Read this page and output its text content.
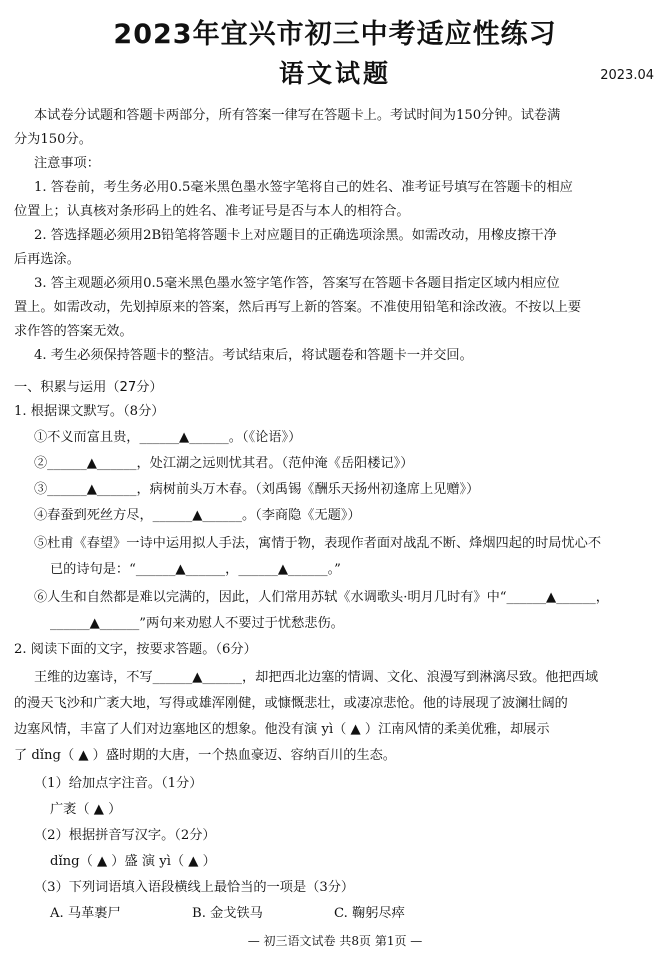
2023年宜兴市初三中考适应性练习
语文试题	2023.04
本试卷分试题和答题卡两部分，所有答案一律写在答题卡上。考试时间为150分钟。试卷满
分为150分。
注意事项：
1. 答卷前，考生务必用0.5毫米黑色墨水签字笔将自己的姓名、准考证号填写在答题卡的相应
位置上；认真核对条形码上的姓名、准考证号是否与本人的相符合。
2. 答选择题必须用2B铅笔将答题卡上对应题目的正确选项涂黑。如需改动，用橡皮擦干净
后再选涂。
3. 答主观题必须用0.5毫米黑色墨水签字笔作答，答案写在答题卡各题目指定区域内相应位
置上。如需改动，先划掉原来的答案，然后再写上新的答案。不准使用铅笔和涂改液。不按以上要
求作答的答案无效。
4. 考生必须保持答题卡的整洁。考试结束后，将试题卷和答题卡一并交回。
一、积累与运用（27分）
1. 根据课文默写。（8分）
①不义而富且贵，______▲______。（《论语》）
②______▲______，处江湖之远则忧其君。（范仲淹《岳阳楼记》）
③______▲______，病树前头万木春。（刘禹锡《酬乐天扬州初逢席上见赠》）
④春蚕到死丝方尽，______▲______。（李商隐《无题》）
⑤杜甫《春望》一诗中运用拟人手法，寓情于物，表现作者面对战乱不断、烽烟四起的时局忧心不
已的诗句是：“______▲______，______▲______。”
⑥人生和自然都是难以完满的，因此，人们常用苏轼《水调歌头·明月几时有》中“______▲______，
______▲______”两句来劝慰人不要过于忧愁悲伤。
2. 阅读下面的文字，按要求答题。（6分）
王维的边塞诗，不写______▲______，却把西北边塞的情调、文化、浪漫写到淋漓尽致。他把西域
的漫天飞沙和广袤大地，写得或雄浑刚健，或慷慨悲壮，或凄凉悲怆。他的诗展现了波澜壮阔的
边塞风情，丰富了人们对边塞地区的想象。他没有演 yì（ ▲ ）江南风情的柔美优雅，却展示
了 dǐng（ ▲ ）盛时期的大唐，一个热血豪迈、容纳百川的生态。
（1）给加点字注音。（1分）
广袤（ ▲ ）
（2）根据拼音写汉字。（2分）
dǐng（ ▲ ）盛 演 yì（ ▲ ）
（3）下列词语填入语段横线上最恰当的一项是（3分）
A. 马革裹尸	B. 金戈铁马	C. 鞠躬尽瘁
— 初三语文试卷 共8页 第1页 —
